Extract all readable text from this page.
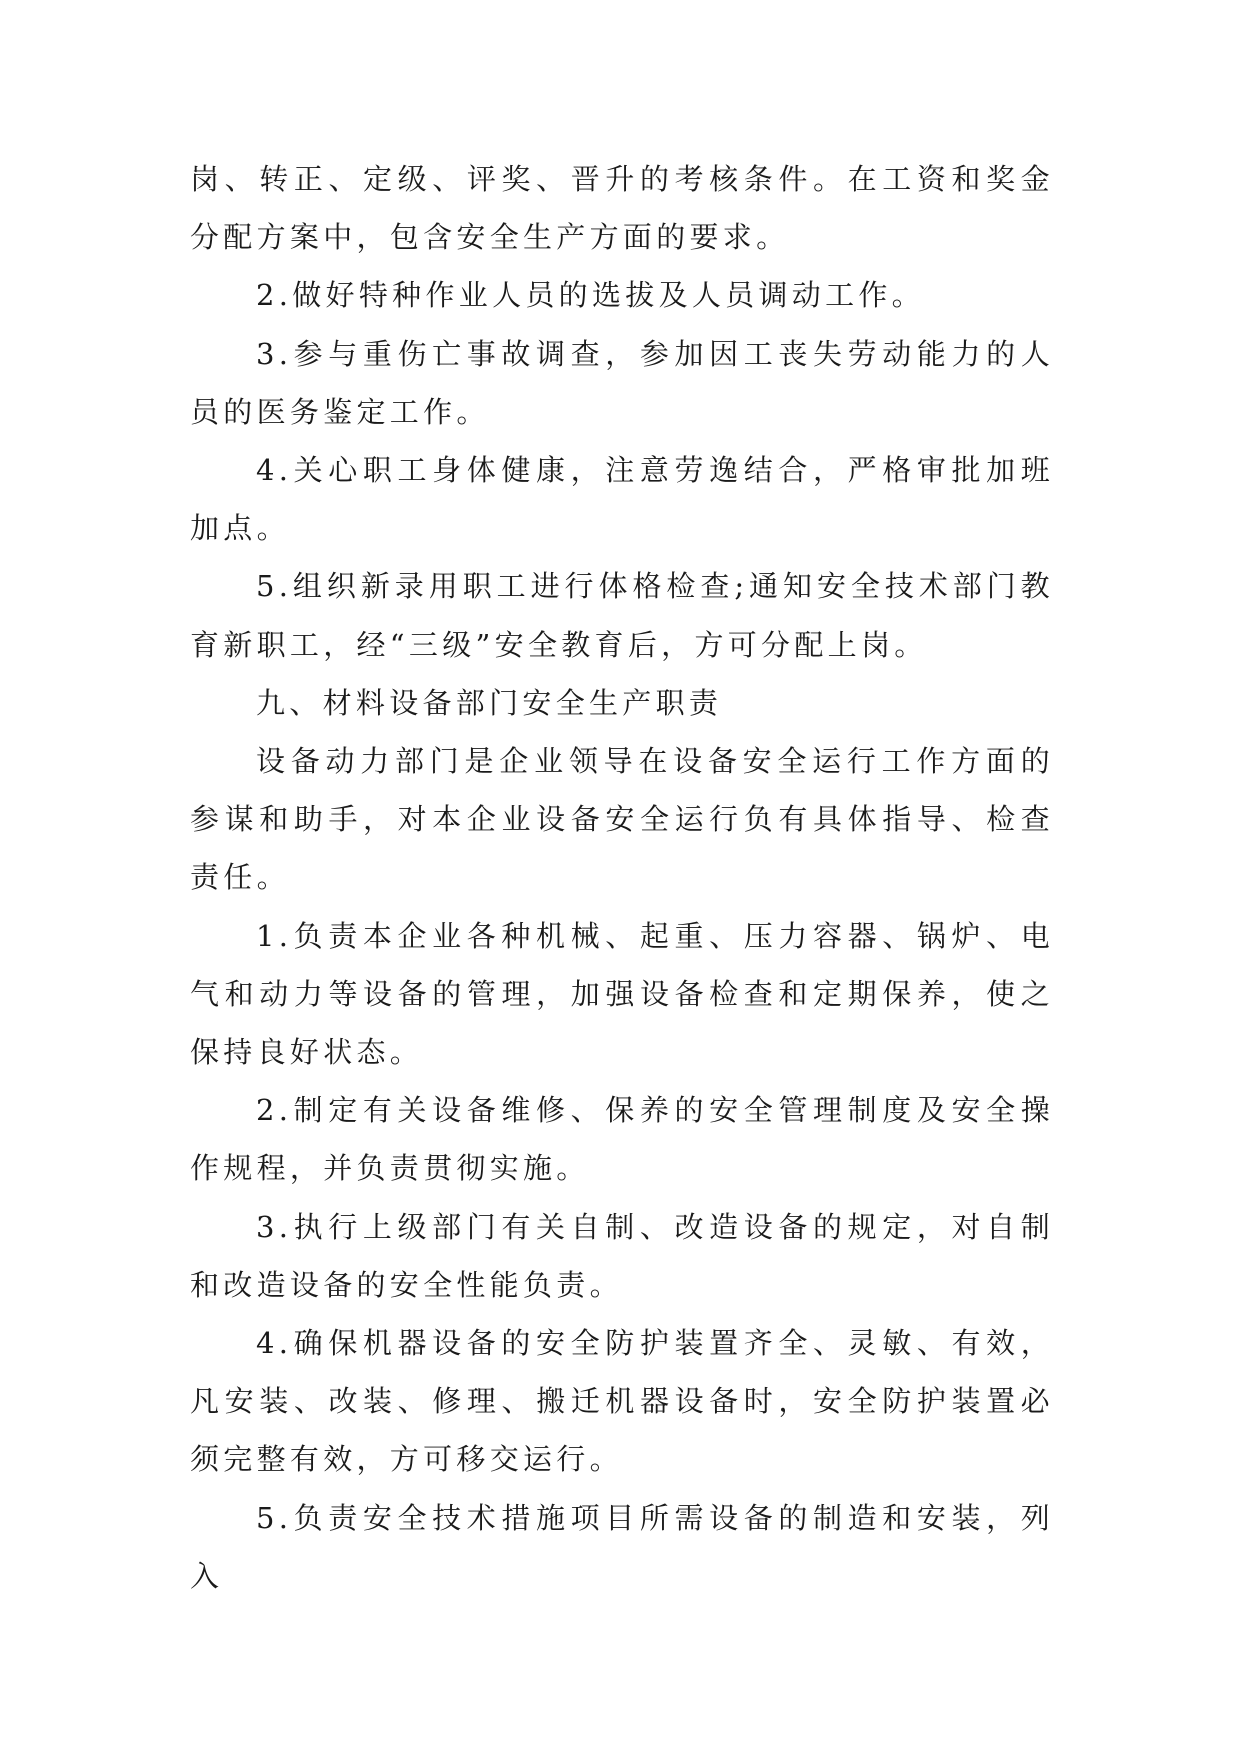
岗、转正、定级、评奖、晋升的考核条件。在工资和奖金分配方案中，包含安全生产方面的要求。

2.做好特种作业人员的选拔及人员调动工作。

3.参与重伤亡事故调查，参加因工丧失劳动能力的人员的医务鉴定工作。

4.关心职工身体健康，注意劳逸结合，严格审批加班加点。

5.组织新录用职工进行体格检查;通知安全技术部门教育新职工，经“三级”安全教育后，方可分配上岗。

九、材料设备部门安全生产职责

设备动力部门是企业领导在设备安全运行工作方面的参谋和助手，对本企业设备安全运行负有具体指导、检查责任。

1.负责本企业各种机械、起重、压力容器、锅炉、电气和动力等设备的管理，加强设备检查和定期保养，使之保持良好状态。

2.制定有关设备维修、保养的安全管理制度及安全操作规程，并负责贯彻实施。

3.执行上级部门有关自制、改造设备的规定，对自制和改造设备的安全性能负责。

4.确保机器设备的安全防护装置齐全、灵敏、有效，凡安装、改装、修理、搬迁机器设备时，安全防护装置必须完整有效，方可移交运行。

5.负责安全技术措施项目所需设备的制造和安装，列入
